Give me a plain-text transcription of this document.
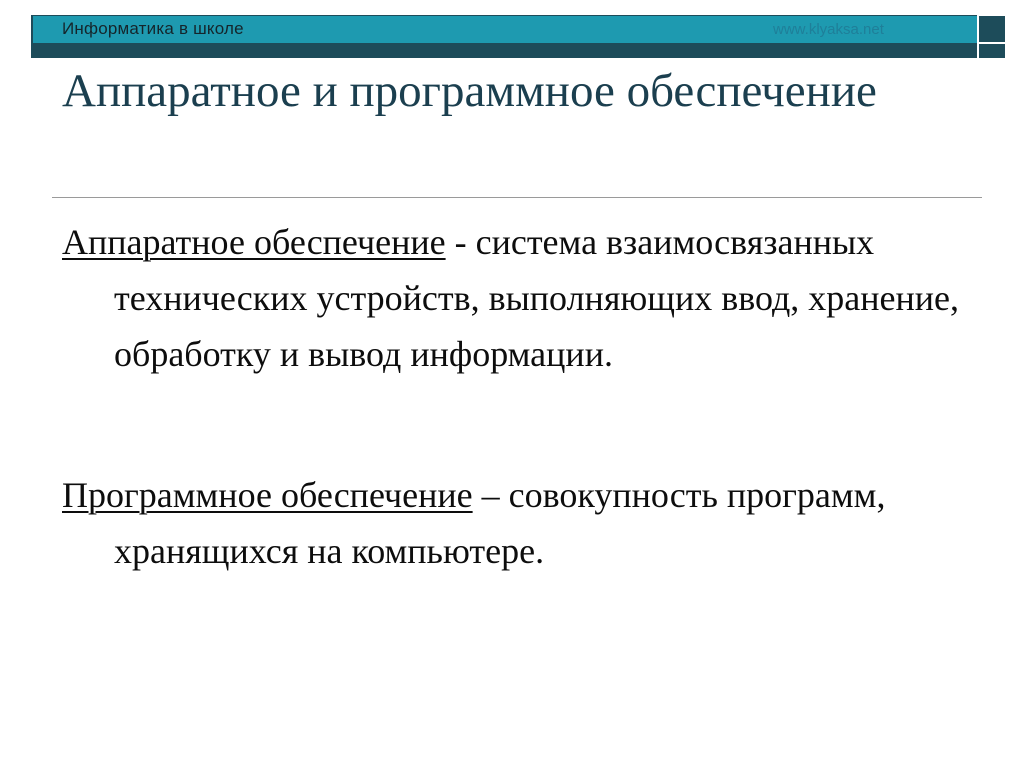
Информатика в школе	www.klyaksa.net
Аппаратное и программное обеспечение

Аппаратное обеспечение - система взаимосвязанных технических устройств, выполняющих ввод, хранение, обработку и вывод информации.

Программное обеспечение – совокупность программ, хранящихся на компьютере.
